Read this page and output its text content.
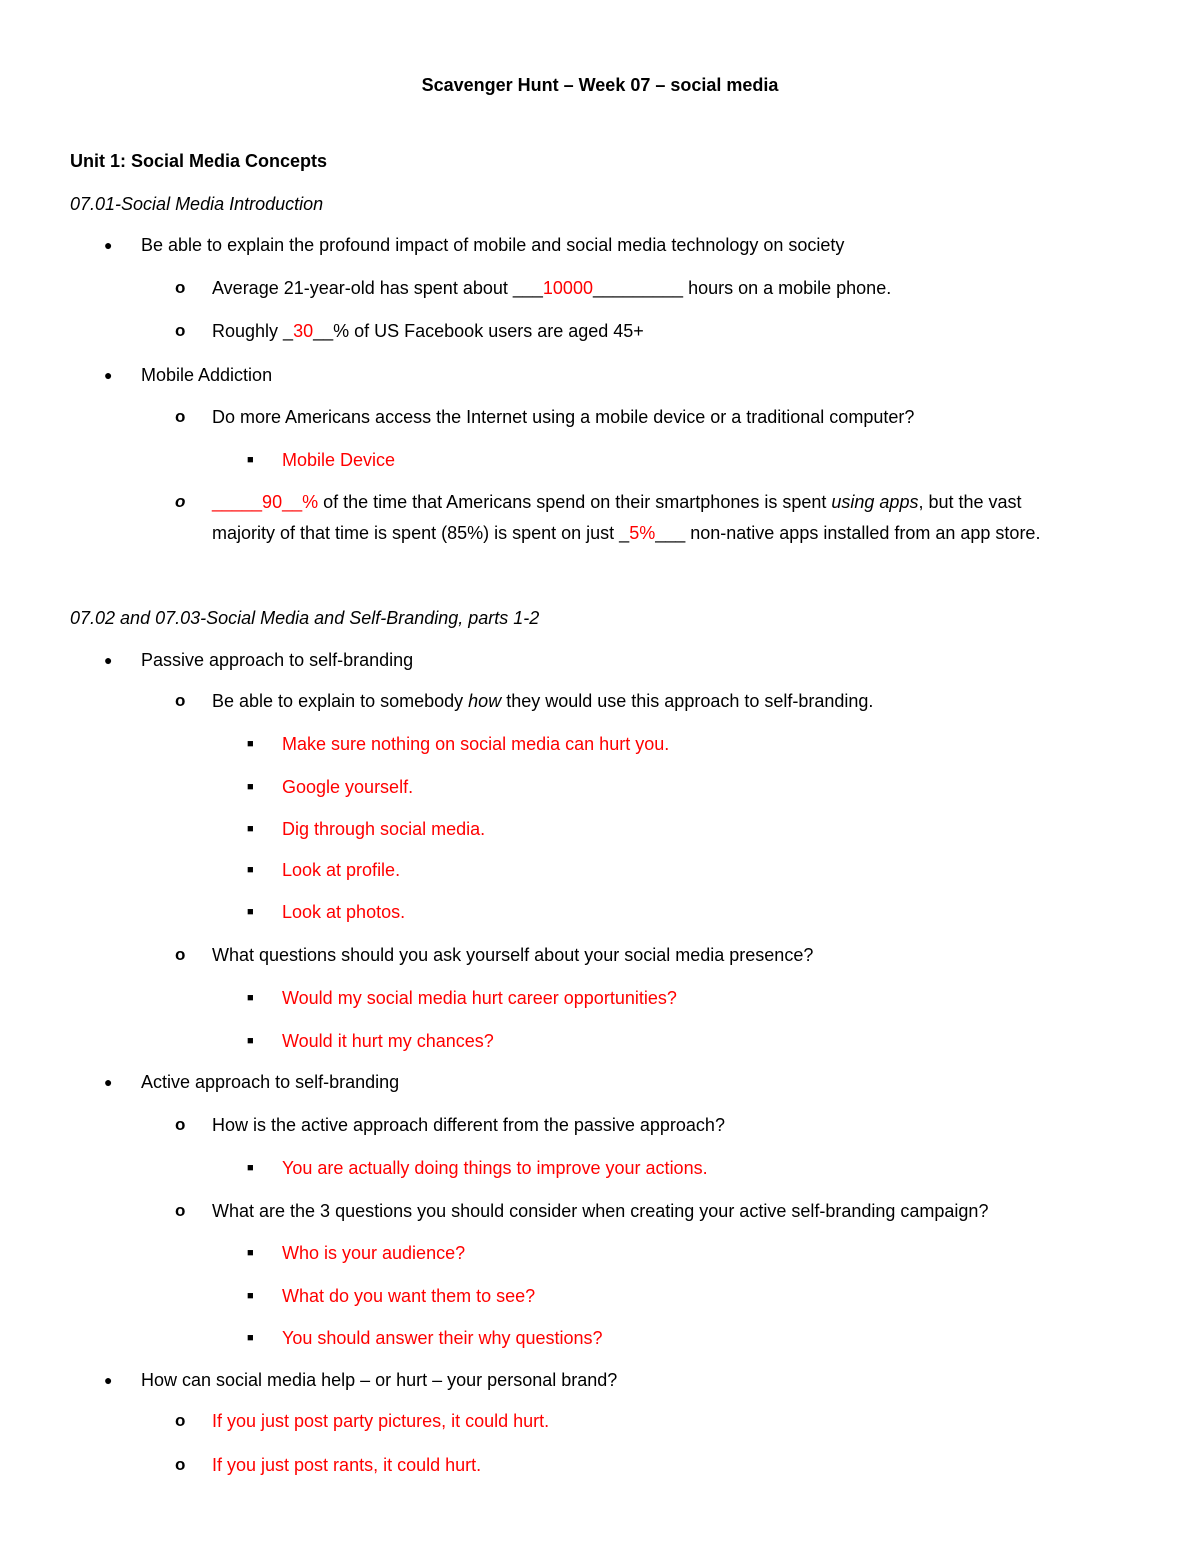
Scavenger Hunt – Week 07 – social media
Unit 1: Social Media Concepts
07.01-Social Media Introduction
● Be able to explain the profound impact of mobile and social media technology on society
o Average 21-year-old has spent about ___10000_________ hours on a mobile phone.
o Roughly _30__% of US Facebook users are aged 45+
● Mobile Addiction
o Do more Americans access the Internet using a mobile device or a traditional computer?
■ Mobile Device
o _____90__% of the time that Americans spend on their smartphones is spent using apps, but the vast
majority of that time is spent (85%) is spent on just _5%___ non-native apps installed from an app store.
07.02 and 07.03-Social Media and Self-Branding, parts 1-2
● Passive approach to self-branding
o Be able to explain to somebody how they would use this approach to self-branding.
■ Make sure nothing on social media can hurt you.
■ Google yourself.
■ Dig through social media.
■ Look at profile.
■ Look at photos.
o What questions should you ask yourself about your social media presence?
■ Would my social media hurt career opportunities?
■ Would it hurt my chances?
● Active approach to self-branding
o How is the active approach different from the passive approach?
■ You are actually doing things to improve your actions.
o What are the 3 questions you should consider when creating your active self-branding campaign?
■ Who is your audience?
■ What do you want them to see?
■ You should answer their why questions?
● How can social media help – or hurt – your personal brand?
o If you just post party pictures, it could hurt.
o If you just post rants, it could hurt.
